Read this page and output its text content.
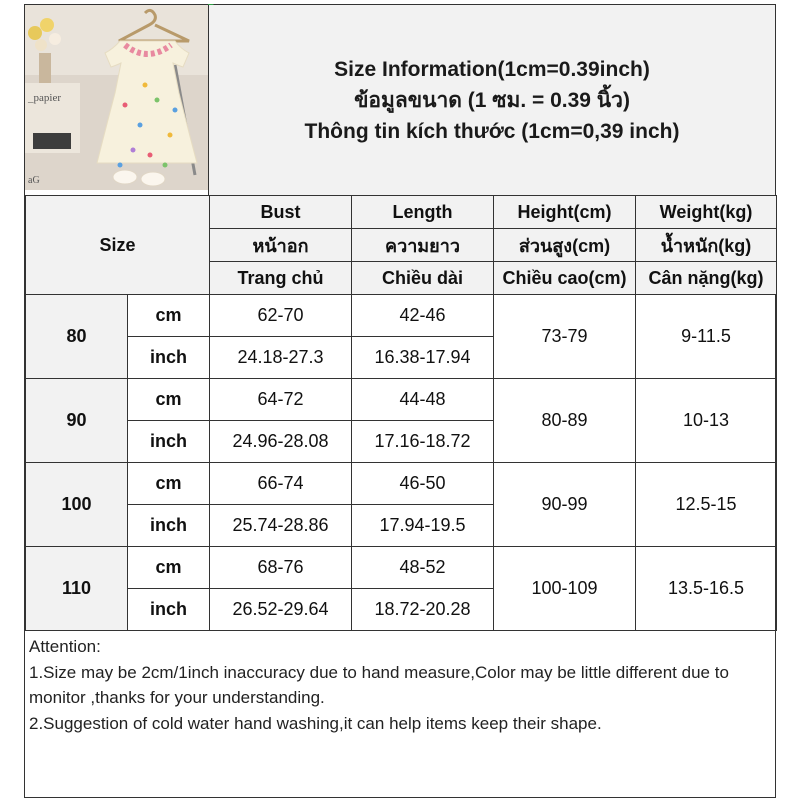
_papier
aG
Size Information(1cm=0.39inch)
ข้อมูลขนาด (1 ซม. = 0.39 นิ้ว)
Thông tin kích thước (1cm=0,39 inch)
Size		Bust	Length	Height(cm)	Weight(kg)
		หน้าอก	ความยาว	ส่วนสูง(cm)	น้ำหนัก(kg)
		Trang chủ	Chiều dài	Chiều cao(cm)	Cân nặng(kg)
80	cm	62-70	42-46	73-79	9-11.5
	inch	24.18-27.3	16.38-17.94		
90	cm	64-72	44-48	80-89	10-13
	inch	24.96-28.08	17.16-18.72		
100	cm	66-74	46-50	90-99	12.5-15
	inch	25.74-28.86	17.94-19.5		
110	cm	68-76	48-52	100-109	13.5-16.5
	inch	26.52-29.64	18.72-20.28		

Attention:

1.Size may be 2cm/1inch inaccuracy due to hand measure,Color may be little different due to monitor ,thanks for your understanding.

2.Suggestion of cold water hand washing,it can help items keep their shape.
